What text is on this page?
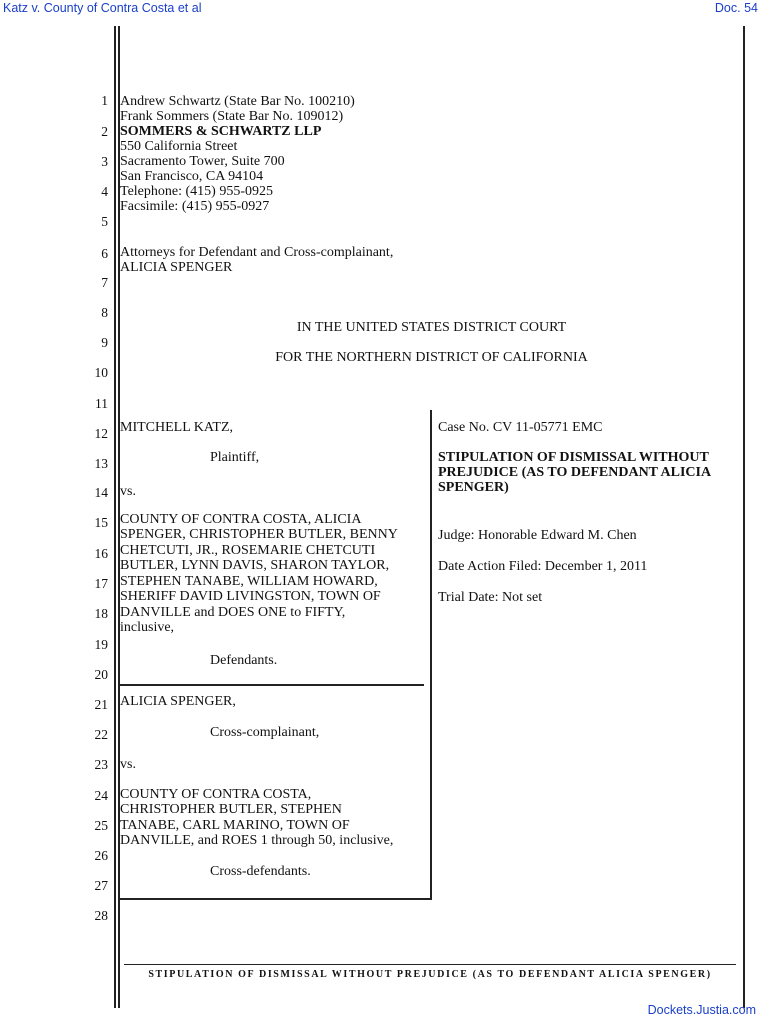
Katz v. County of Contra Costa et al	Doc. 54
1
2
3
4
5
6
7
8
9
10
11
12
13
14
15
16
17
18
19
20
21
22
23
24
25
26
27
28
Andrew Schwartz (State Bar No. 100210)
Frank Sommers (State Bar No. 109012)
SOMMERS & SCHWARTZ LLP
550 California Street
Sacramento Tower, Suite 700
San Francisco, CA 94104
Telephone: (415) 955-0925
Facsimile: (415) 955-0927
Attorneys for Defendant and Cross-complainant,
ALICIA SPENGER
IN THE UNITED STATES DISTRICT COURT
FOR THE NORTHERN DISTRICT OF CALIFORNIA
MITCHELL KATZ,
Plaintiff,
vs.
COUNTY OF CONTRA COSTA, ALICIA
SPENGER, CHRISTOPHER BUTLER, BENNY
CHETCUTI, JR., ROSEMARIE CHETCUTI
BUTLER, LYNN DAVIS, SHARON TAYLOR,
STEPHEN TANABE, WILLIAM HOWARD,
SHERIFF DAVID LIVINGSTON, TOWN OF
DANVILLE and DOES ONE to FIFTY,
inclusive,
Defendants.
ALICIA SPENGER,
Cross-complainant,
vs.
COUNTY OF CONTRA COSTA,
CHRISTOPHER BUTLER, STEPHEN
TANABE, CARL MARINO, TOWN OF
DANVILLE, and ROES 1 through 50, inclusive,
Cross-defendants.
Case No. CV 11-05771 EMC
STIPULATION OF DISMISSAL WITHOUT
PREJUDICE (AS TO DEFENDANT ALICIA
SPENGER)
Judge: Honorable Edward M. Chen
Date Action Filed: December 1, 2011
Trial Date: Not set
STIPULATION OF DISMISSAL WITHOUT PREJUDICE (AS TO DEFENDANT ALICIA SPENGER)
Dockets.Justia.com
